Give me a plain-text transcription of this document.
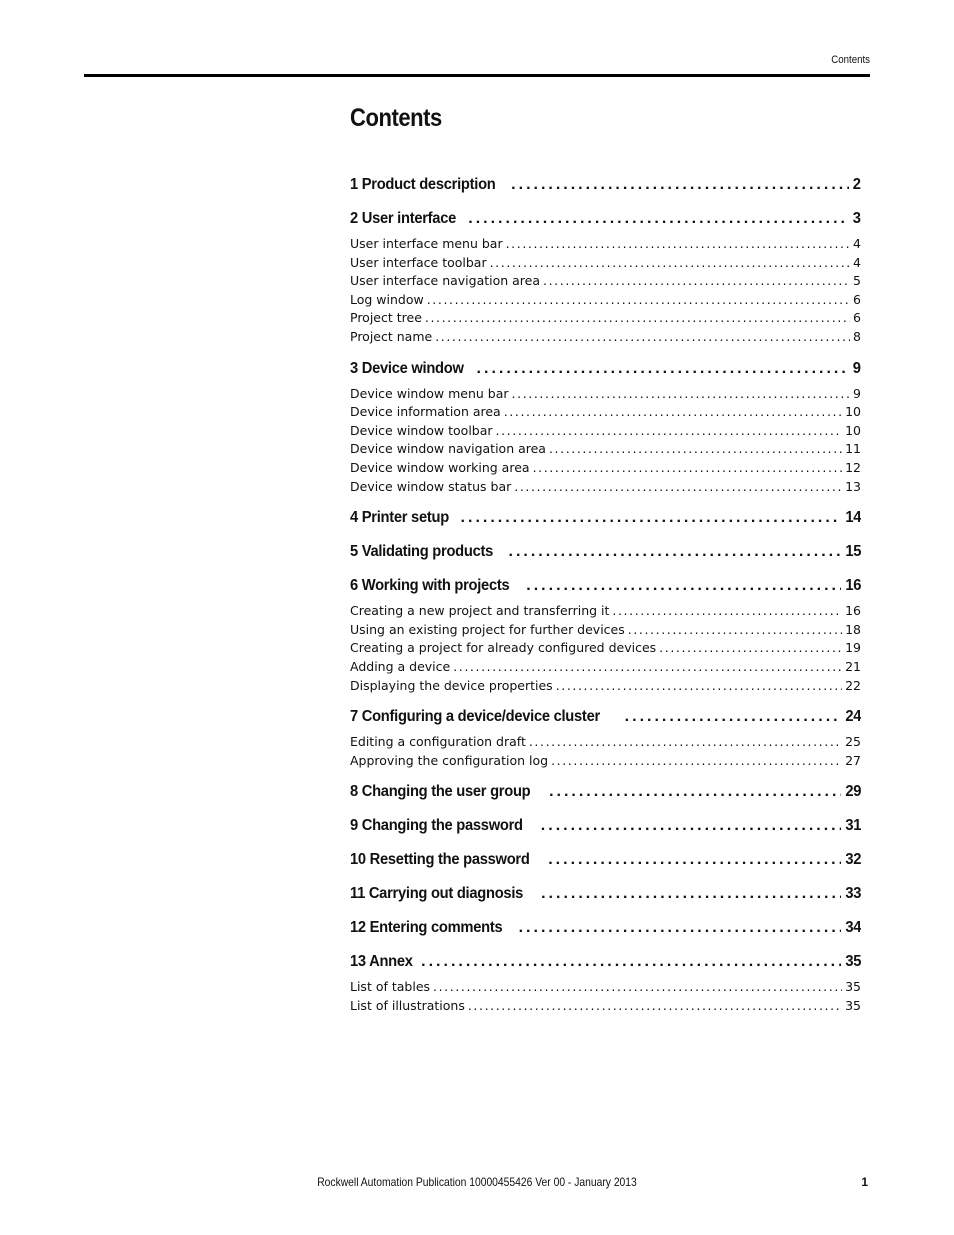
Contents
Contents
1 Product description .....	2
2 User interface .....	3
User interface menu bar .....	4
User interface toolbar .....	4
User interface navigation area .....	5
Log window .....	6
Project tree .....	6
Project name .....	8
3 Device window .....	9
Device window menu bar .....	9
Device information area .....	10
Device window toolbar .....	10
Device window navigation area .....	11
Device window working area .....	12
Device window status bar .....	13
4 Printer setup .....	14
5 Validating products .....	15
6 Working with projects .....	16
Creating a new project and transferring it .....	16
Using an existing project for further devices .....	18
Creating a project for already configured devices .....	19
Adding a device .....	21
Displaying the device properties .....	22
7 Configuring a device/device cluster .....	24
Editing a configuration draft .....	25
Approving the configuration log .....	27
8 Changing the user group .....	29
9 Changing the password .....	31
10 Resetting the password .....	32
11 Carrying out diagnosis .....	33
12 Entering comments .....	34
13 Annex .....	35
List of tables .....	35
List of illustrations .....	35
Rockwell Automation Publication 10000455426 Ver 00 - January 2013	1
